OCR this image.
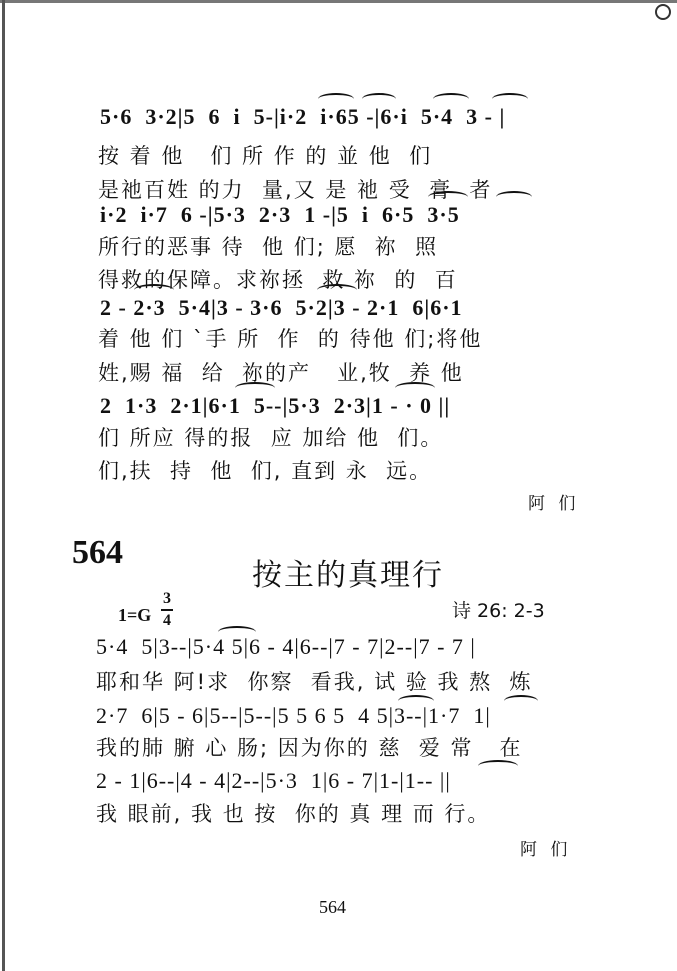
5·6  3·2|5  6  i  5-|i·2  i·65 -|6·i  5·4  3 - |
按 着 他   们 所 作 的 並 他  们
是祂百姓 的力  量,又 是 祂 受  膏  者
i·2  i·7  6 -|5·3  2·3  1 -|5  i  6·5  3·5
所行的恶事 待  他 们; 愿  祢  照
得救的保障。求祢拯  救 祢  的  百
2 - 2·3  5·4|3 - 3·6  5·2|3 - 2·1  6|6·1
着 他 们 `手 所  作  的 待他 们;将他
姓,赐 福  给  祢的产   业,牧  养 他
2  1·3  2·1|6·1  5--|5·3  2·3|1 - · 0 ||
们 所应 得的报  应 加给 他  们。
们,扶  持  他  们, 直到 永  远。
阿 们
564
按主的真理行
1=G
3
4	诗 26: 2-3
5·4  5|3--|5·4 5|6 - 4|6--|7 - 7|2--|7 - 7 |
耶和华 阿!求  你察  看我, 试 验 我 熬  炼
2·7  6|5 - 6|5--|5--|5 5 6 5  4 5|3--|1·7  1|
我的肺 腑 心 肠; 因为你的 慈  爱 常   在
2 - 1|6--|4 - 4|2--|5·3  1|6 - 7|1-|1-- ||
我 眼前, 我 也 按  你的 真 理 而 行。
阿 们
564
